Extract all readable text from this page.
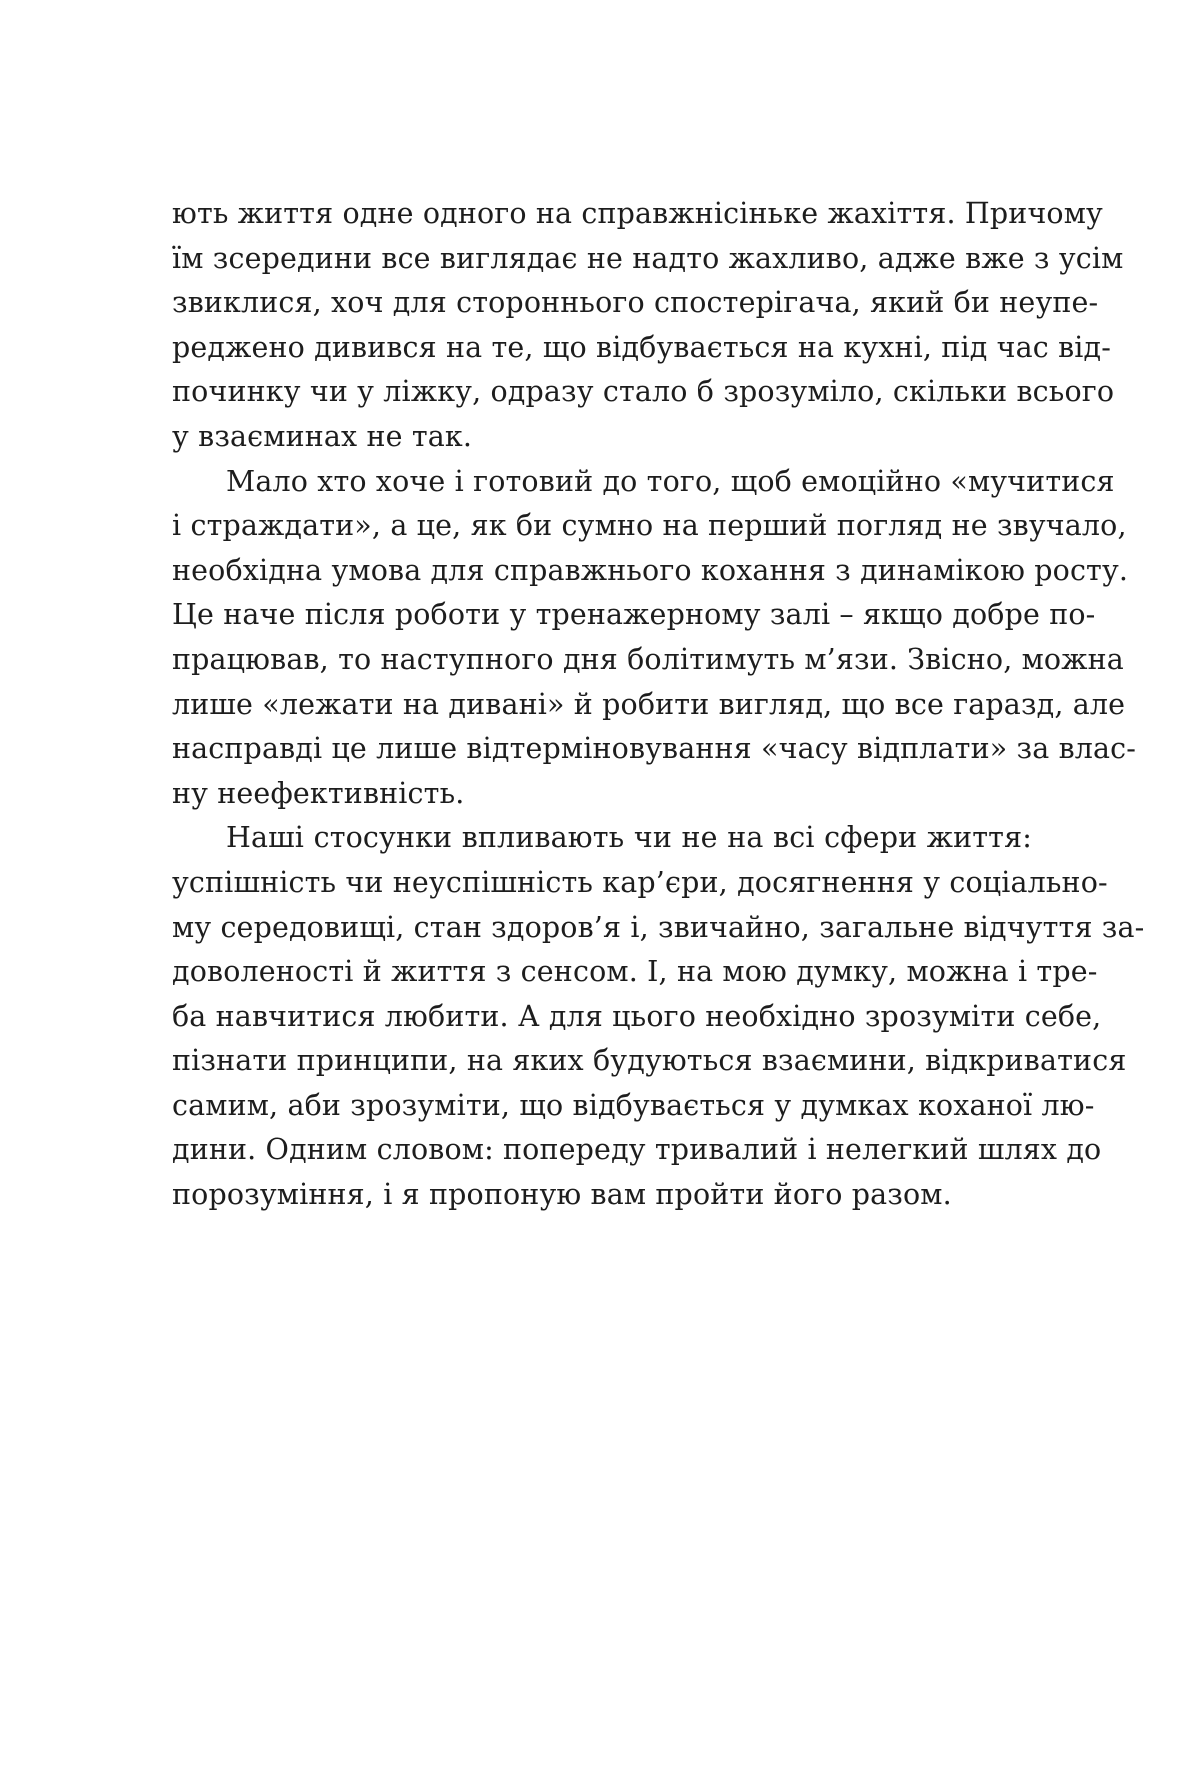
ють життя одне одного на справжнісіньке жахіття. Причому
їм зсередини все виглядає не надто жахливо, адже вже з усім
звиклися, хоч для стороннього спостерігача, який би неупе-
реджено дивився на те, що відбувається на кухні, під час від-
починку чи у ліжку, одразу стало б зрозуміло, скільки всього
у взаєминах не так.
Мало хто хоче і готовий до того, щоб емоційно «мучитися
і страждати», а це, як би сумно на перший погляд не звучало,
необхідна умова для справжнього кохання з динамікою росту.
Це наче після роботи у тренажерному залі – якщо добре по-
працював, то наступного дня болітимуть м’язи. Звісно, можна
лише «лежати на дивані» й робити вигляд, що все гаразд, але
насправді це лише відтерміновування «часу відплати» за влас-
ну неефективність.
Наші стосунки впливають чи не на всі сфери життя:
успішність чи неуспішність кар’єри, досягнення у соціально-
му середовищі, стан здоров’я і, звичайно, загальне відчуття за-
доволеності й життя з сенсом. І, на мою думку, можна і тре-
ба навчитися любити. А для цього необхідно зрозуміти себе,
пізнати принципи, на яких будуються взаємини, відкриватися
самим, аби зрозуміти, що відбувається у думках коханої лю-
дини. Одним словом: попереду тривалий і нелегкий шлях до
порозуміння, і я пропоную вам пройти його разом.
